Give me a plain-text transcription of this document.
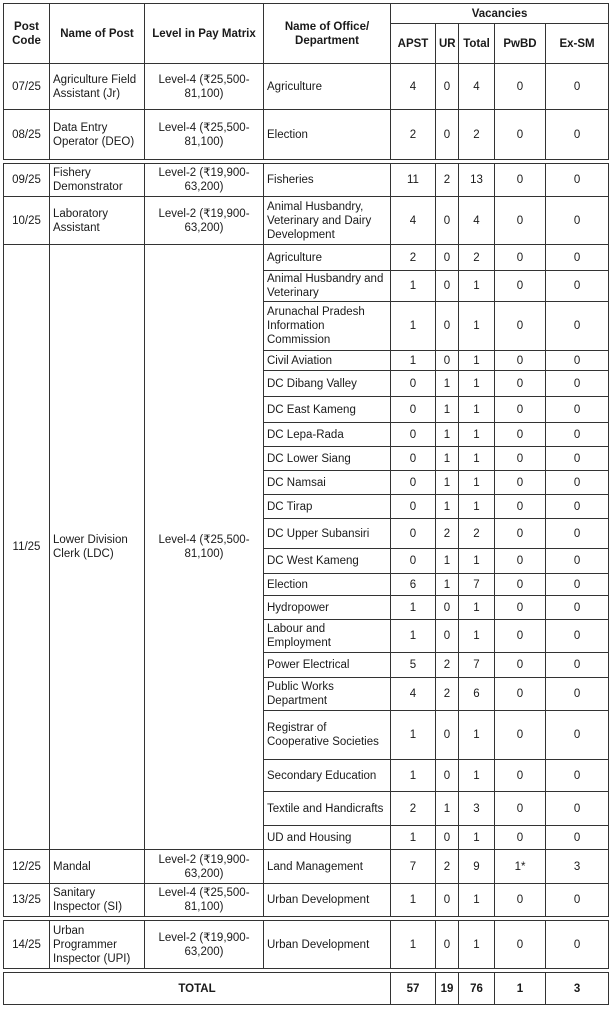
Post Code	Name of Post	Level in Pay Matrix	Name of Office/ Department	Vacancies				
				APST	UR	Total	PwBD	Ex-SM
07/25	Agriculture Field Assistant (Jr)	Level-4 (₹25,500-81,100)	Agriculture	4	0	4	0	0
08/25	Data Entry Operator (DEO)	Level-4 (₹25,500-81,100)	Election	2	0	2	0	0

09/25	Fishery Demonstrator	Level-2 (₹19,900-63,200)	Fisheries	11	2	13	0	0
10/25	Laboratory Assistant	Level-2 (₹19,900-63,200)	Animal Husbandry, Veterinary and Dairy Development	4	0	4	0	0
11/25	Lower Division Clerk (LDC)	Level-4 (₹25,500-81,100)	Agriculture	2	0	2	0	0
			Animal Husbandry and Veterinary	1	0	1	0	0
			Arunachal Pradesh Information Commission	1	0	1	0	0
			Civil Aviation	1	0	1	0	0
			DC Dibang Valley	0	1	1	0	0
			DC East Kameng	0	1	1	0	0
			DC Lepa-Rada	0	1	1	0	0
			DC Lower Siang	0	1	1	0	0
			DC Namsai	0	1	1	0	0
			DC Tirap	0	1	1	0	0
			DC Upper Subansiri	0	2	2	0	0
			DC West Kameng	0	1	1	0	0
			Election	6	1	7	0	0
			Hydropower	1	0	1	0	0
			Labour and Employment	1	0	1	0	0
			Power Electrical	5	2	7	0	0
			Public Works Department	4	2	6	0	0
			Registrar of Cooperative Societies	1	0	1	0	0
			Secondary Education	1	0	1	0	0
			Textile and Handicrafts	2	1	3	0	0
			UD and Housing	1	0	1	0	0
12/25	Mandal	Level-2 (₹19,900-63,200)	Land Management	7	2	9	1*	3
13/25	Sanitary Inspector (SI)	Level-4 (₹25,500-81,100)	Urban Development	1	0	1	0	0

14/25	Urban Programmer Inspector (UPI)	Level-2 (₹19,900-63,200)	Urban Development	1	0	1	0	0

TOTAL				57	19	76	1	3
